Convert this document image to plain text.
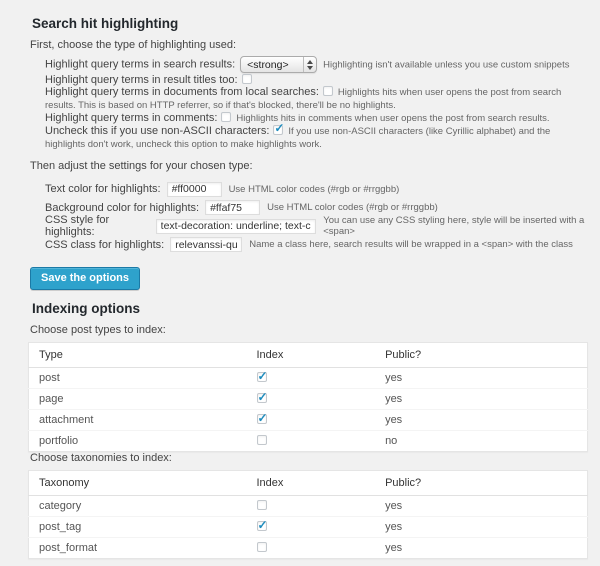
Search hit highlighting

First, choose the type of highlighting used:

Highlight query terms in search results:	<strong>	Highlighting isn't available unless you use custom snippets
Highlight query terms in result titles too:
Highlight query terms in documents from local searches: Highlights hits when user opens the post from search results. This is based on HTTP referrer, so if that's blocked, there'll be no highlights.
Highlight query terms in comments: Highlights hits in comments when user opens the post from search results.
Uncheck this if you use non-ASCII characters: ✓ If you use non-ASCII characters (like Cyrillic alphabet) and the highlights don't work, uncheck this option to make highlights work.

Then adjust the settings for your chosen type:

Text color for highlights:
#ff0000	Use HTML color codes (#rgb or #rrggbb)
Background color for highlights:
#ffaf75	Use HTML color codes (#rgb or #rrggbb)
CSS style for highlights:
text-decoration: underline; text-color: #ff00
You can use any CSS styling here, style will be inserted with a <span>
CSS class for highlights:
relevanssi-query	Name a class here, search results will be wrapped in a <span> with the class
Save the options
Indexing options

Choose post types to index:

Type	Index	Public?
post	✓	yes
page	✓	yes
attachment	✓	yes
portfolio		no

Choose taxonomies to index:

Taxonomy	Index	Public?
category		yes
post_tag	✓	yes
post_format		yes
